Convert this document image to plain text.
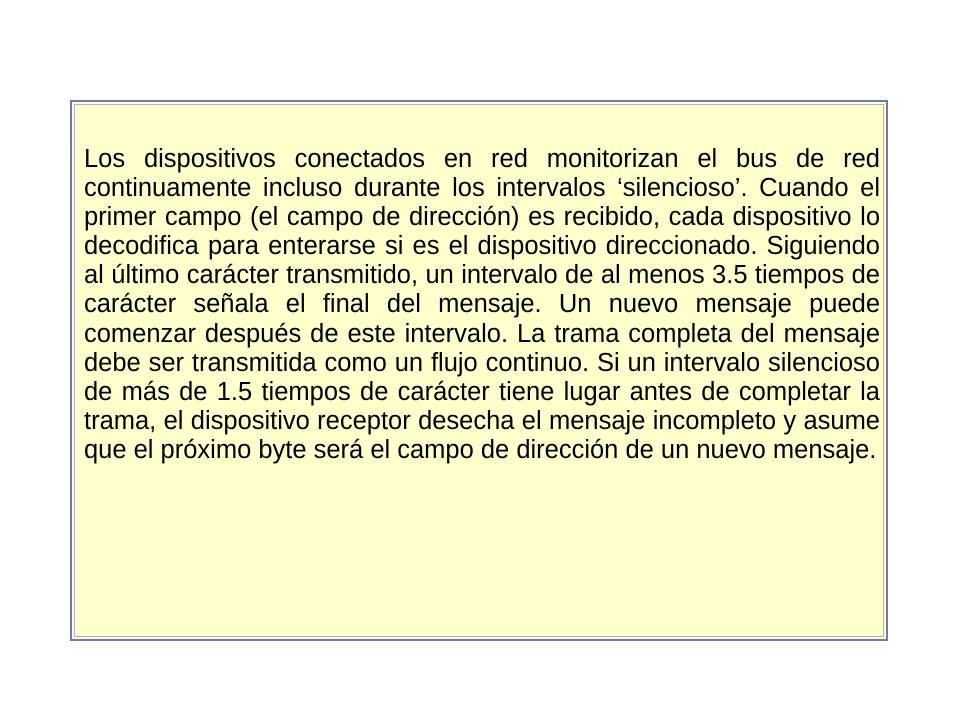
Los dispositivos conectados en red monitorizan el bus de red continuamente incluso durante los intervalos ‘silencioso’. Cuando el primer campo (el campo de dirección) es recibido, cada dispositivo lo decodifica para enterarse si es el dispositivo direccionado. Siguiendo al último carácter transmitido, un intervalo de al menos 3.5 tiempos de carácter señala el final del mensaje. Un nuevo mensaje puede comenzar después de este intervalo. La trama completa del mensaje debe ser transmitida como un flujo continuo. Si un intervalo silencioso de más de 1.5 tiempos de carácter tiene lugar antes de completar la trama, el dispositivo receptor desecha el mensaje incompleto y asume que el próximo byte será el campo de dirección de un nuevo mensaje.
